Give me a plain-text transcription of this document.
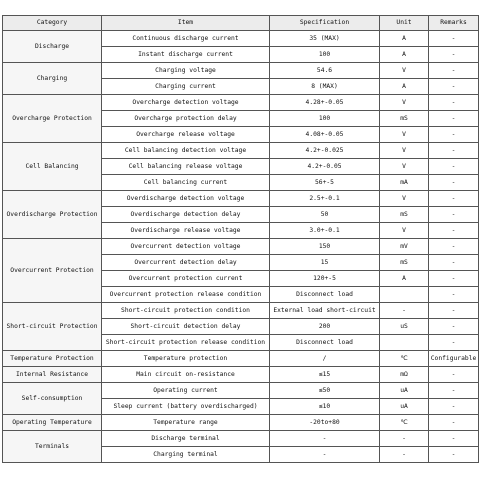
Category	Item	Specification	Unit	Remarks
Discharge	Continuous discharge current	35 (MAX)	A	-
	Instant discharge current	100	A	-
Charging	Charging voltage	54.6	V	-
	Charging current	8 (MAX)	A	-
Overcharge Protection	Overcharge detection voltage	4.28+-0.05	V	-
	Overcharge protection delay	100	mS	-
	Overcharge release voltage	4.08+-0.05	V	-
Cell Balancing	Cell balancing detection voltage	4.2+-0.025	V	-
	Cell balancing release voltage	4.2+-0.05	V	-
	Cell balancing current	56+-5	mA	-
Overdischarge Protection	Overdischarge detection voltage	2.5+-0.1	V	-
	Overdischarge detection delay	50	mS	-
	Overdischarge release voltage	3.0+-0.1	V	-
Overcurrent Protection	Overcurrent detection voltage	150	mV	-
	Overcurrent detection delay	15	mS	-
	Overcurrent protection current	120+-5	A	-
	Overcurrent protection release condition	Disconnect load		-
Short-circuit Protection	Short-circuit protection condition	External load short-circuit	-	-
	Short-circuit detection delay	200	uS	-
	Short-circuit protection release condition	Disconnect load		-
Temperature Protection	Temperature protection	/	℃	Configurable
Internal Resistance	Main circuit on-resistance	≤15	mΩ	-
Self-consumption	Operating current	≤50	uA	-
	Sleep current (battery overdischarged)	≤10	uA	-
Operating Temperature	Temperature range	-20to+80	℃	-
Terminals	Discharge terminal	-	-	-
	Charging terminal	-	-	-
